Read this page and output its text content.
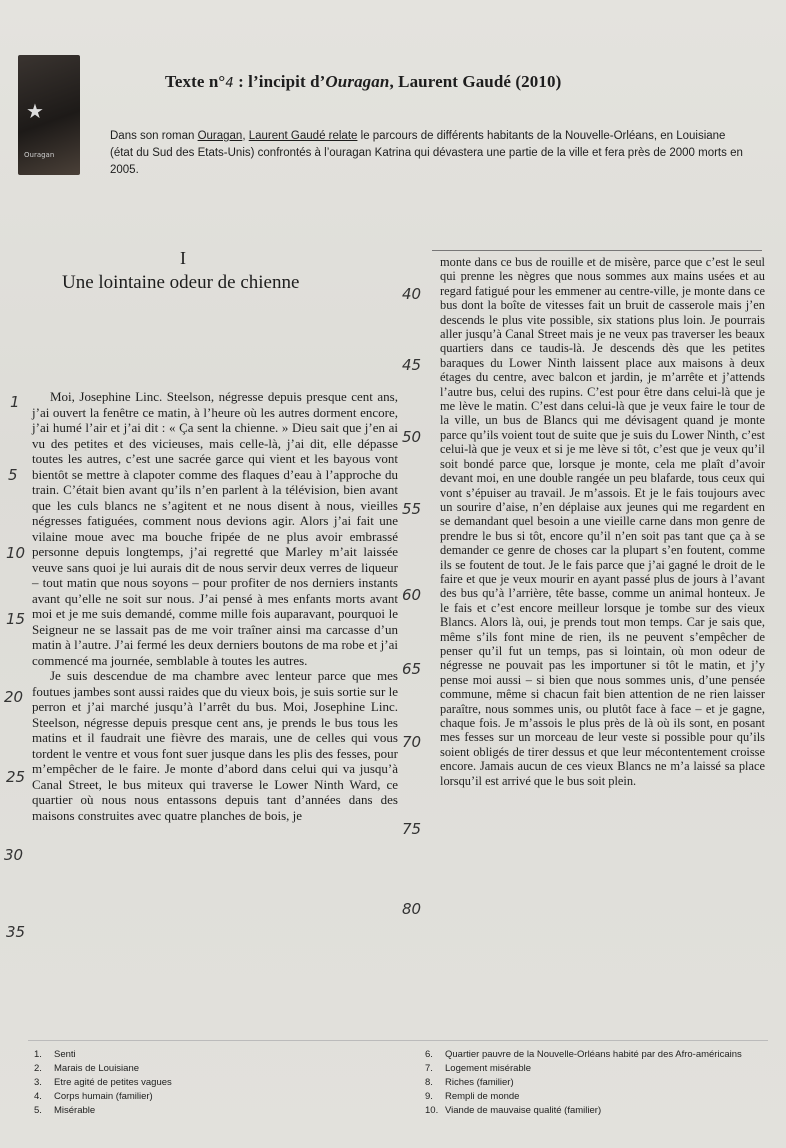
★
Ouragan
Texte n°4 : l’incipit d’Ouragan, Laurent Gaudé (2010)
Dans son roman Ouragan, Laurent Gaudé relate le parcours de différents habitants de la Nouvelle-Orléans, en Louisiane (état du Sud des Etats-Unis) confrontés à l’ouragan Katrina qui dévastera une partie de la ville et fera près de 2000 morts en 2005.
I
Une lointaine odeur de chienne

Moi, Josephine Linc. Steelson, négresse depuis presque cent ans, j’ai ouvert la fenêtre ce matin, à l’heure où les autres dorment encore, j’ai humé l’air et j’ai dit : « Ça sent la chienne. » Dieu sait que j’en ai vu des petites et des vicieuses, mais celle-là, j’ai dit, elle dépasse toutes les autres, c’est une sacrée garce qui vient et les bayous vont bientôt se mettre à clapoter comme des flaques d’eau à l’approche du train. C’était bien avant qu’ils n’en parlent à la télévision, bien avant que les culs blancs ne s’agitent et ne nous disent à nous, vieilles négresses fatiguées, comment nous devions agir. Alors j’ai fait une vilaine moue avec ma bouche fripée de ne plus avoir embrassé personne depuis longtemps, j’ai regretté que Marley m’ait laissée veuve sans quoi je lui aurais dit de nous servir deux verres de liqueur – tout matin que nous soyons – pour profiter de nos derniers instants avant qu’elle ne soit sur nous. J’ai pensé à mes enfants morts avant moi et je me suis demandé, comme mille fois auparavant, pourquoi le Seigneur ne se lassait pas de me voir traîner ainsi ma carcasse d’un matin à l’autre. J’ai fermé les deux derniers boutons de ma robe et j’ai commencé ma journée, semblable à toutes les autres.

Je suis descendue de ma chambre avec lenteur parce que mes foutues jambes sont aussi raides que du vieux bois, je suis sortie sur le perron et j’ai marché jusqu’à l’arrêt du bus. Moi, Josephine Linc. Steelson, négresse depuis presque cent ans, je prends le bus tous les matins et il faudrait une fièvre des marais, une de celles qui vous tordent le ventre et vous font suer jusque dans les plis des fesses, pour m’empêcher de le faire. Je monte d’abord dans celui qui va jusqu’à Canal Street, le bus miteux qui traverse le Lower Ninth Ward, ce quartier où nous nous entassons depuis tant d’années dans des maisons construites avec quatre planches de bois, je

monte dans ce bus de rouille et de misère, parce que c’est le seul qui prenne les nègres que nous sommes aux mains usées et au regard fatigué pour les emmener au centre-ville, je monte dans ce bus dont la boîte de vitesses fait un bruit de casserole mais j’en descends le plus vite possible, six stations plus loin. Je pourrais aller jusqu’à Canal Street mais je ne veux pas traverser les beaux quartiers dans ce taudis-là. Je descends dès que les petites baraques du Lower Ninth laissent place aux maisons à deux étages du centre, avec balcon et jardin, je m’arrête et j’attends l’autre bus, celui des rupins. C’est pour être dans celui-là que je me lève le matin. C’est dans celui-là que je veux faire le tour de la ville, un bus de Blancs qui me dévisagent quand je monte parce qu’ils voient tout de suite que je suis du Lower Ninth, c’est celui-là que je veux et si je me lève si tôt, c’est que je veux qu’il soit bondé parce que, lorsque je monte, cela me plaît d’avoir devant moi, en une double rangée un peu blafarde, tous ceux qui vont s’épuiser au travail. Je m’assois. Et je le fais toujours avec un sourire d’aise, n’en déplaise aux jeunes qui me regardent en se demandant quel besoin a une vieille carne dans mon genre de prendre le bus si tôt, encore qu’il n’en soit pas tant que ça à se demander ce genre de choses car la plupart s’en foutent, comme ils se foutent de tout. Je le fais parce que j’ai gagné le droit de le faire et que je veux mourir en ayant passé plus de jours à l’avant des bus qu’à l’arrière, tête basse, comme un animal honteux. Je le fais et c’est encore meilleur lorsque je tombe sur des vieux Blancs. Alors là, oui, je prends tout mon temps. Car je sais que, même s’ils font mine de rien, ils ne peuvent s’empêcher de penser qu’il fut un temps, pas si lointain, où mon odeur de négresse ne pouvait pas les importuner si tôt le matin, et j’y pense moi aussi – si bien que nous sommes unis, d’une pensée commune, même si chacun fait bien attention de ne rien laisser paraître, nous sommes unis, ou plutôt face à face – et je gagne, chaque fois. Je m’assois le plus près de là où ils sont, en posant mes fesses sur un morceau de leur veste si possible pour qu’ils soient obligés de tirer dessus et que leur mécontentement croisse encore. Jamais aucun de ces vieux Blancs ne m’a laissé sa place lorsqu’il est arrivé que le bus soit plein.

1
5
10
15
20
25
30
35
40
45
50
55
60
65
70
75
80
1.	Senti
2.	Marais de Louisiane
3.	Etre agité de petites vagues
4.	Corps humain (familier)
5.	Misérable
6.	Quartier pauvre de la Nouvelle-Orléans habité par des Afro-américains
7.	Logement misérable
8.	Riches (familier)
9.	Rempli de monde
10. Viande de mauvaise qualité (familier)
